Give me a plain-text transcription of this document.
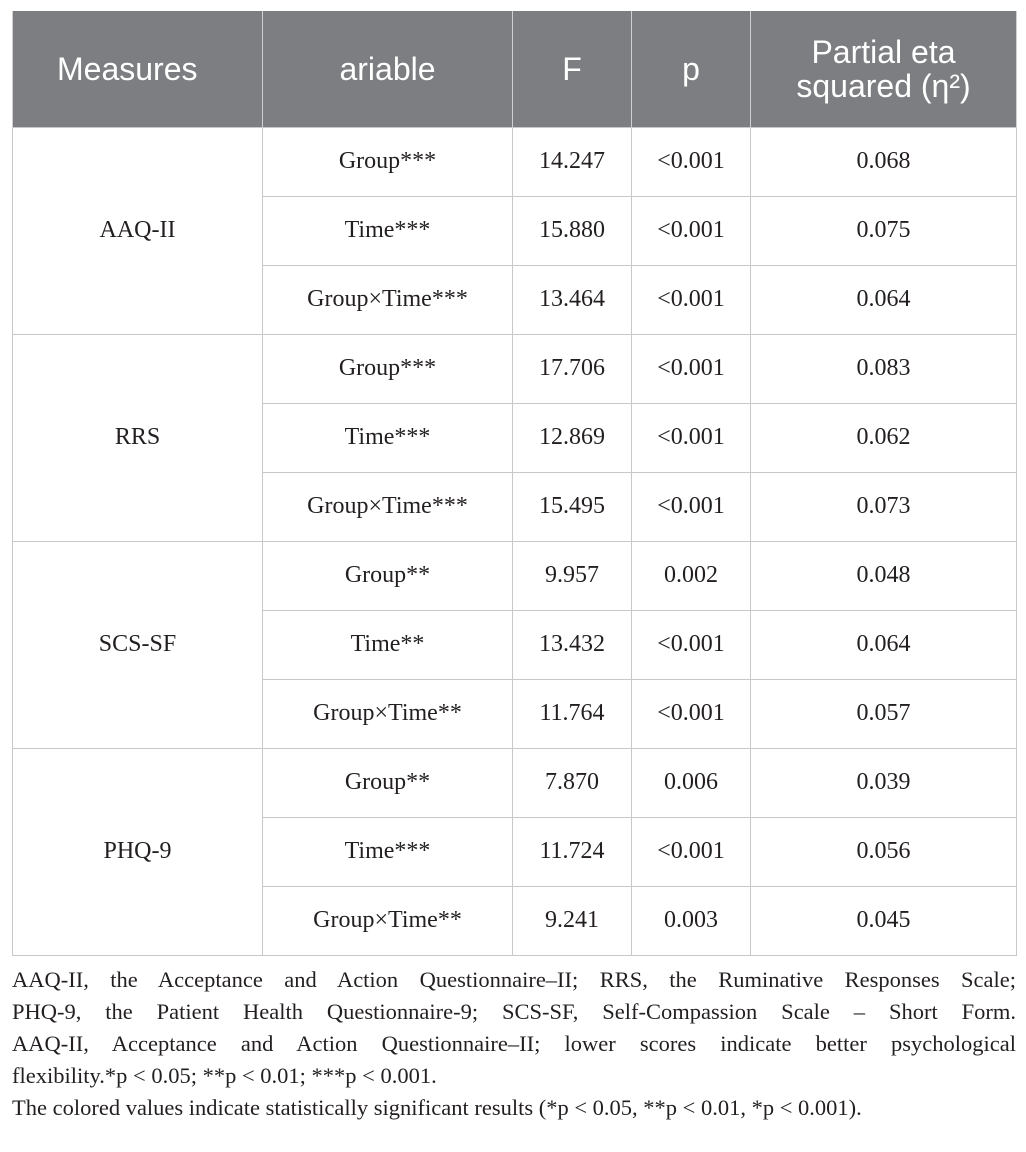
Measures	ariable	F	p	Partial eta squared (η²)
AAQ-II	Group***	14.247	<0.001	0.068
	Time***	15.880	<0.001	0.075
	Group×Time***	13.464	<0.001	0.064
RRS	Group***	17.706	<0.001	0.083
	Time***	12.869	<0.001	0.062
	Group×Time***	15.495	<0.001	0.073
SCS-SF	Group**	9.957	0.002	0.048
	Time**	13.432	<0.001	0.064
	Group×Time**	11.764	<0.001	0.057
PHQ-9	Group**	7.870	0.006	0.039
	Time***	11.724	<0.001	0.056
	Group×Time**	9.241	0.003	0.045

AAQ-II, the Acceptance and Action Questionnaire–II; RRS, the Ruminative Responses Scale;

PHQ-9, the Patient Health Questionnaire-9; SCS-SF, Self-Compassion Scale – Short Form.

AAQ-II, Acceptance and Action Questionnaire–II; lower scores indicate better psychological

flexibility.*p < 0.05; **p < 0.01; ***p < 0.001.

The colored values indicate statistically significant results (*p < 0.05, **p < 0.01, *p < 0.001).
